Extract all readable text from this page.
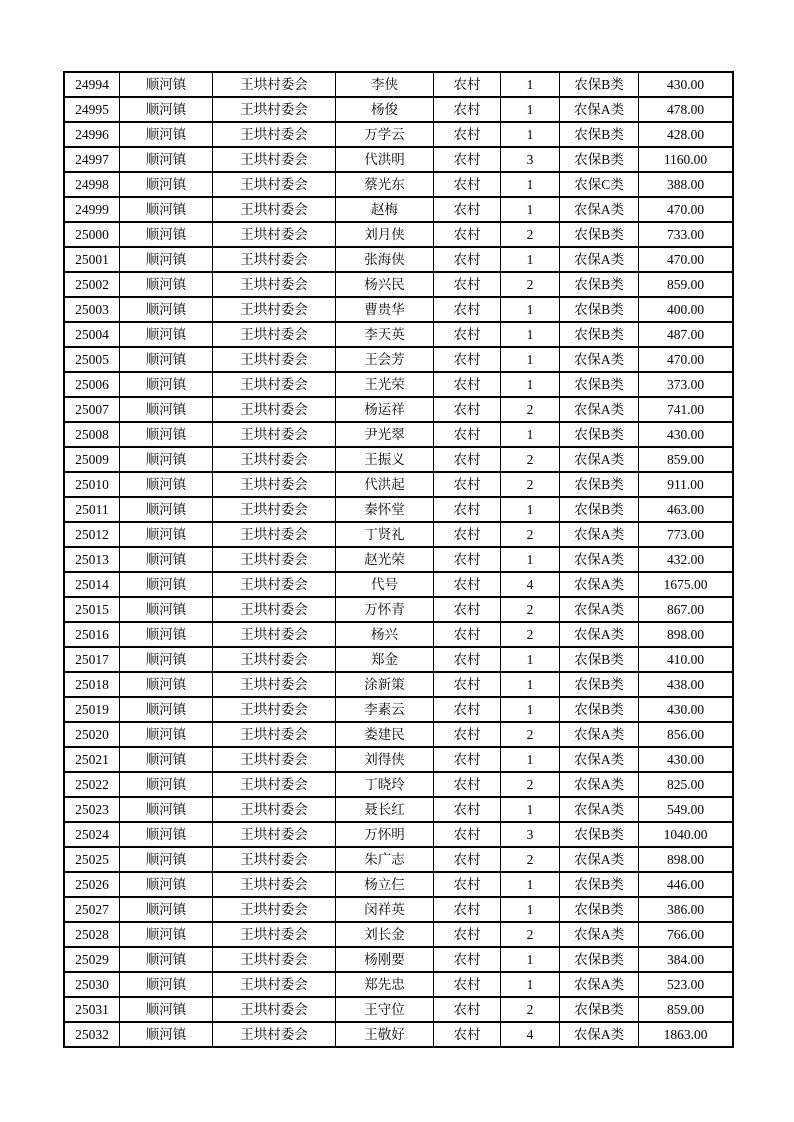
24994	顺河镇	王垬村委会	李侠	农村	1	农保B类	430.00
24995	顺河镇	王垬村委会	杨俊	农村	1	农保A类	478.00
24996	顺河镇	王垬村委会	万学云	农村	1	农保B类	428.00
24997	顺河镇	王垬村委会	代洪明	农村	3	农保B类	1160.00
24998	顺河镇	王垬村委会	蔡光东	农村	1	农保C类	388.00
24999	顺河镇	王垬村委会	赵梅	农村	1	农保A类	470.00
25000	顺河镇	王垬村委会	刘月侠	农村	2	农保B类	733.00
25001	顺河镇	王垬村委会	张海侠	农村	1	农保A类	470.00
25002	顺河镇	王垬村委会	杨兴民	农村	2	农保B类	859.00
25003	顺河镇	王垬村委会	曹贵华	农村	1	农保B类	400.00
25004	顺河镇	王垬村委会	李天英	农村	1	农保B类	487.00
25005	顺河镇	王垬村委会	王会芳	农村	1	农保A类	470.00
25006	顺河镇	王垬村委会	王光荣	农村	1	农保B类	373.00
25007	顺河镇	王垬村委会	杨运祥	农村	2	农保A类	741.00
25008	顺河镇	王垬村委会	尹光翠	农村	1	农保B类	430.00
25009	顺河镇	王垬村委会	王振义	农村	2	农保A类	859.00
25010	顺河镇	王垬村委会	代洪起	农村	2	农保B类	911.00
25011	顺河镇	王垬村委会	秦怀堂	农村	1	农保B类	463.00
25012	顺河镇	王垬村委会	丁贤礼	农村	2	农保A类	773.00
25013	顺河镇	王垬村委会	赵光荣	农村	1	农保A类	432.00
25014	顺河镇	王垬村委会	代号	农村	4	农保A类	1675.00
25015	顺河镇	王垬村委会	万怀青	农村	2	农保A类	867.00
25016	顺河镇	王垬村委会	杨兴	农村	2	农保A类	898.00
25017	顺河镇	王垬村委会	郑金	农村	1	农保B类	410.00
25018	顺河镇	王垬村委会	涂新策	农村	1	农保B类	438.00
25019	顺河镇	王垬村委会	李素云	农村	1	农保B类	430.00
25020	顺河镇	王垬村委会	娄建民	农村	2	农保A类	856.00
25021	顺河镇	王垬村委会	刘得侠	农村	1	农保A类	430.00
25022	顺河镇	王垬村委会	丁晓玲	农村	2	农保A类	825.00
25023	顺河镇	王垬村委会	聂长红	农村	1	农保A类	549.00
25024	顺河镇	王垬村委会	万怀明	农村	3	农保B类	1040.00
25025	顺河镇	王垬村委会	朱广志	农村	2	农保A类	898.00
25026	顺河镇	王垬村委会	杨立仨	农村	1	农保B类	446.00
25027	顺河镇	王垬村委会	闵祥英	农村	1	农保B类	386.00
25028	顺河镇	王垬村委会	刘长金	农村	2	农保A类	766.00
25029	顺河镇	王垬村委会	杨刚要	农村	1	农保B类	384.00
25030	顺河镇	王垬村委会	郑先忠	农村	1	农保A类	523.00
25031	顺河镇	王垬村委会	王守位	农村	2	农保B类	859.00
25032	顺河镇	王垬村委会	王敬好	农村	4	农保A类	1863.00
